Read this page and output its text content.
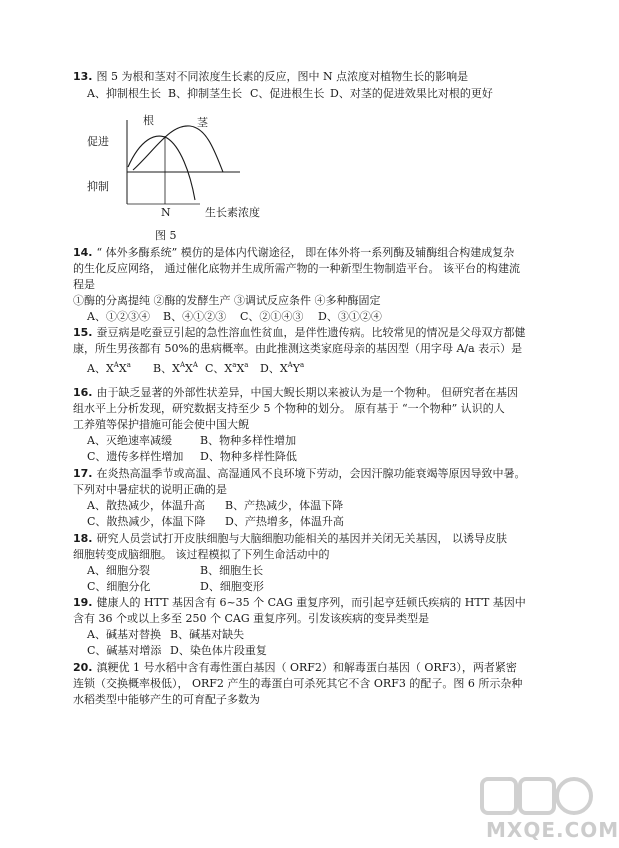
13. 图 5 为根和茎对不同浓度生长素的反应，图中 N 点浓度对植物生长的影响是
A、抑制根生长 B、抑制茎生长 C、促进根生长 D、对茎的促进效果比对根的更好
促进
抑制
根	茎
N	生长素浓度
图 5
14. “ 体外多酶系统” 模仿的是体内代谢途径， 即在体外将一系列酶及辅酶组合构建成复杂
的生化反应网络， 通过催化底物并生成所需产物的一种新型生物制造平台。 该平台的构建流
程是
①酶的分离提纯 ②酶的发酵生产 ③调试反应条件 ④多种酶固定
A、①②③④ B、④①②③ C、②①④③ D、③①②④
15. 蚕豆病是吃蚕豆引起的急性溶血性贫血，是伴性遗传病。比较常见的情况是父母双方都健
康，所生男孩都有 50%的患病概率。由此推测这类家庭母亲的基因型（用字母 A/a 表示）是
A、$X^AX^a$ B、$X^AX^A$ C、$X^aX^a$ D、$X^AY^a$
16. 由于缺乏显著的外部性状差异，中国大鲵长期以来被认为是一个物种。 但研究者在基因
组水平上分析发现，研究数据支持至少 5 个物种的划分。 原有基于 “一个物种” 认识的人
工养殖等保护措施可能会使中国大鲵
A、灭绝速率减缓	B、物种多样性增加
C、遗传多样性增加 D、物种多样性降低
17. 在炎热高温季节或高温、高湿通风不良环境下劳动，会因汗腺功能衰竭等原因导致中暑。
下列对中暑症状的说明正确的是
A、散热减少，体温升高 B、产热减少，体温下降
C、散热减少，体温下降 D、产热增多，体温升高
18. 研究人员尝试打开皮肤细胞与大脑细胞功能相关的基因并关闭无关基因， 以诱导皮肤
细胞转变成脑细胞。 该过程模拟了下列生命活动中的
A、细胞分裂	B、细胞生长
C、细胞分化	D、细胞变形
19. 健康人的 HTT 基因含有 6~35 个 CAG 重复序列，而引起亨廷顿氏疾病的 HTT 基因中
含有 36 个或以上多至 250 个 CAG 重复序列。引发该疾病的变异类型是
A、碱基对替换 B、碱基对缺失
C、碱基对增添 D、染色体片段重复
20. 滇粳优 1 号水稻中含有毒性蛋白基因（ ORF2）和解毒蛋白基因（ ORF3），两者紧密
连锁（交换概率极低）， ORF2 产生的毒蛋白可杀死其它不含 ORF3 的配子。图 6 所示杂种
水稻类型中能够产生的可育配子多数为
MXQE.COM
